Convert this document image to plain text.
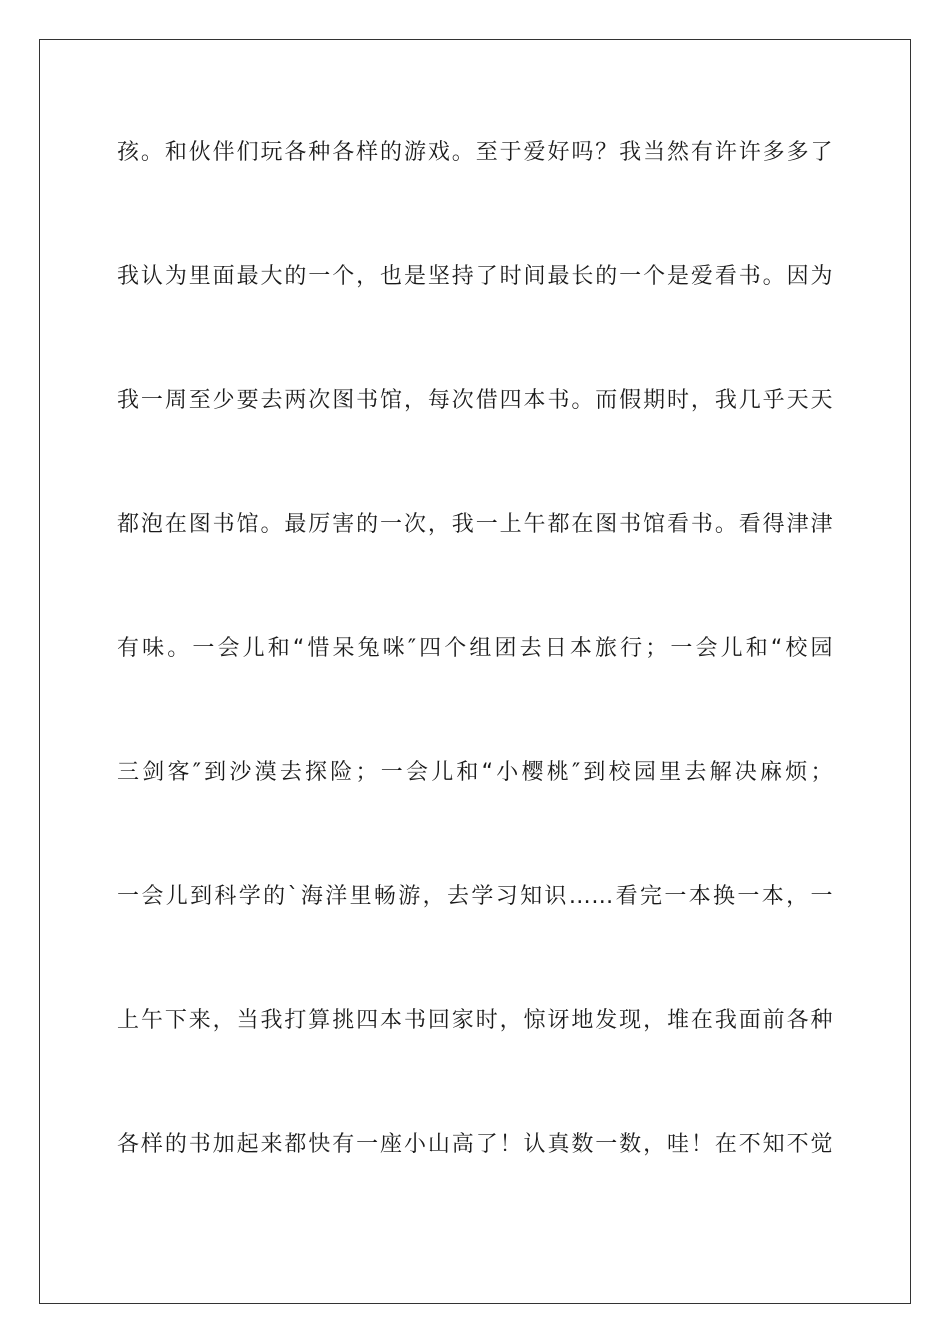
孩。和伙伴们玩各种各样的游戏。至于爱好吗？我当然有许许多多了
我认为里面最大的一个，也是坚持了时间最长的一个是爱看书。因为
我一周至少要去两次图书馆，每次借四本书。而假期时，我几乎天天
都泡在图书馆。最厉害的一次，我一上午都在图书馆看书。看得津津
有味。一会儿和“惜呆兔咪″四个组团去日本旅行；一会儿和“校园
三剑客″到沙漠去探险；一会儿和“小樱桃″到校园里去解决麻烦；
一会儿到科学的`海洋里畅游，去学习知识……看完一本换一本，一
上午下来，当我打算挑四本书回家时，惊讶地发现，堆在我面前各种
各样的书加起来都快有一座小山高了！认真数一数，哇！在不知不觉
